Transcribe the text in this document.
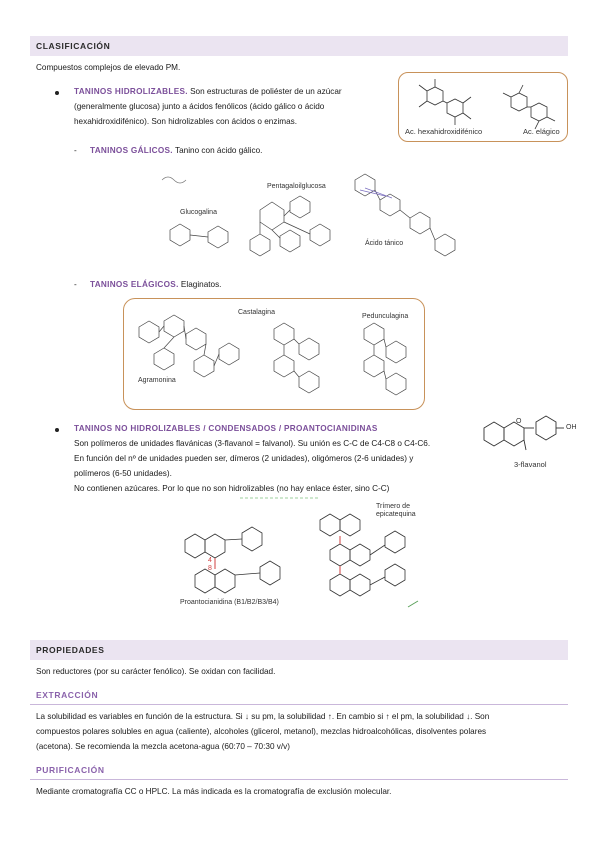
CLASIFICACIÓN
Compuestos complejos de elevado PM.
TANINOS HIDROLIZABLES. Son estructuras de poliéster de un azúcar
(generalmente glucosa) junto a ácidos fenólicos (ácido gálico o ácido
hexahidroxidifénico). Son hidrolizables con ácidos o enzimas.
Ac. hexahidroxidifénico	Ac. elágico
- TANINOS GÁLICOS. Tanino con ácido gálico.
Glucogalina
Pentagaloilglucosa
Ácido tánico
- TANINOS ELÁGICOS. Elaginatos.
Castalagina
Pedunculagina
Agramonina
TANINOS NO HIDROLIZABLES / CONDENSADOS / PROANTOCIANIDINAS
Son polímeros de unidades flavánicas (3-flavanol = falvanol). Su unión es C-C de C4-C8 o C4-C6.
En función del nº de unidades pueden ser, dímeros (2 unidades), oligómeros (2-6 unidades) y
polímeros (6-50 unidades).
No contienen azúcares. Por lo que no son hidrolizables (no hay enlace éster, sino C-C)
OH
O
3-flavanol
4
8
Proantocianidina (B1/B2/B3/B4)
Trímero de
epicatequina
PROPIEDADES
Son reductores (por su carácter fenólico). Se oxidan con facilidad.
EXTRACCIÓN
La solubilidad es variables en función de la estructura. Si ↓ su pm, la solubilidad ↑. En cambio si ↑ el pm, la solubilidad ↓. Son
compuestos polares solubles en agua (caliente), alcoholes (glicerol, metanol), mezclas hidroalcohólicas, disolventes polares
(acetona). Se recomienda la mezcla acetona-agua (60:70 – 70:30 v/v)
PURIFICACIÓN
Mediante cromatografía CC o HPLC. La más indicada es la cromatografía de exclusión molecular.
